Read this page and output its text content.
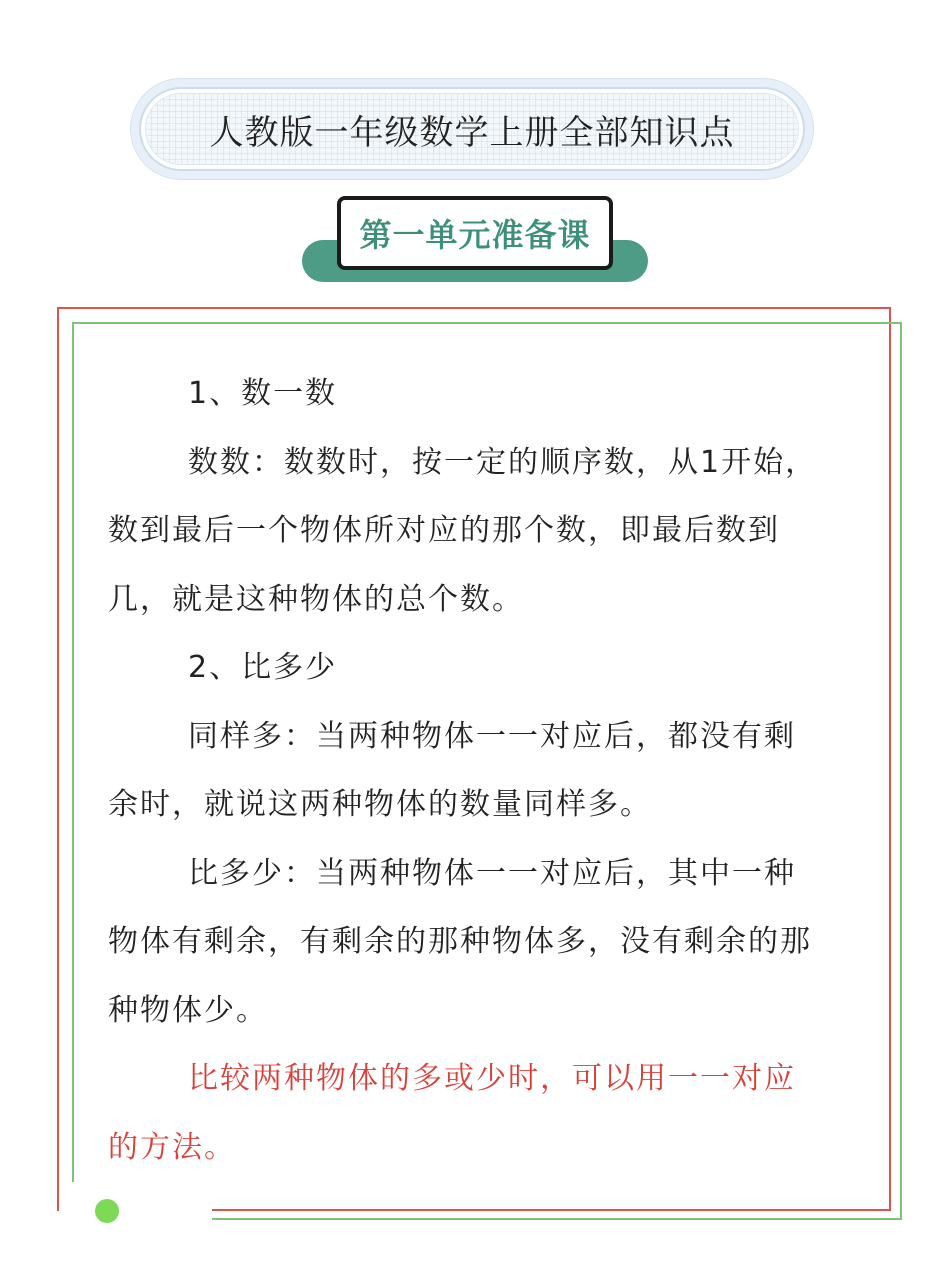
人教版一年级数学上册全部知识点
第一单元准备课
1、数一数
数数：数数时，按一定的顺序数，从1开始，
数到最后一个物体所对应的那个数，即最后数到
几，就是这种物体的总个数。
2、比多少
同样多：当两种物体一一对应后，都没有剩
余时，就说这两种物体的数量同样多。
比多少：当两种物体一一对应后，其中一种
物体有剩余，有剩余的那种物体多，没有剩余的那
种物体少。
比较两种物体的多或少时，可以用一一对应
的方法。
